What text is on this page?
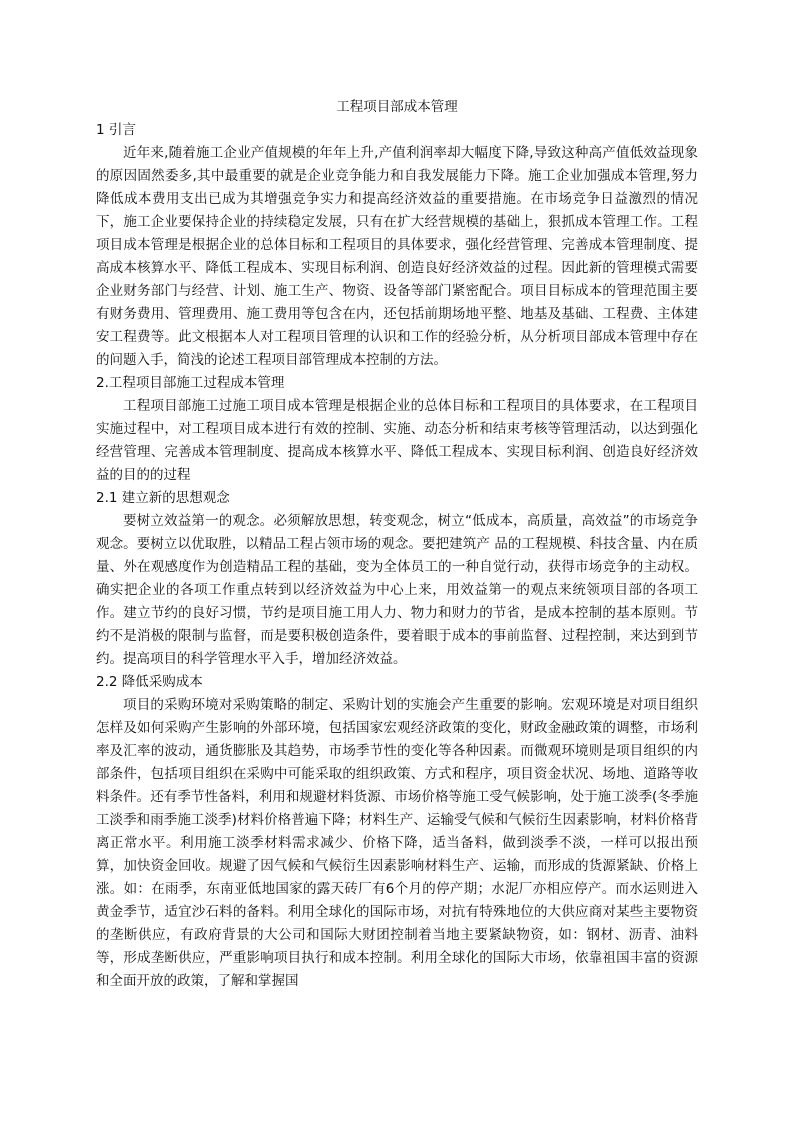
工程项目部成本管理

1 引言

近年来,随着施工企业产值规模的年年上升,产值利润率却大幅度下降,导致这种高产值低效益现象的原因固然委多,其中最重要的就是企业竞争能力和自我发展能力下降。施工企业加强成本管理,努力降低成本费用支出已成为其增强竞争实力和提高经济效益的重要措施。在市场竞争日益激烈的情况下，施工企业要保持企业的持续稳定发展，只有在扩大经营规模的基础上，狠抓成本管理工作。工程项目成本管理是根据企业的总体目标和工程项目的具体要求，强化经营管理、完善成本管理制度、提高成本核算水平、降低工程成本、实现目标利润、创造良好经济效益的过程。因此新的管理模式需要企业财务部门与经营、计划、施工生产、物资、设备等部门紧密配合。项目目标成本的管理范围主要有财务费用、管理费用、施工费用等包含在内，还包括前期场地平整、地基及基础、工程费、主体建安工程费等。此文根据本人对工程项目管理的认识和工作的经验分析，从分析项目部成本管理中存在的问题入手，简浅的论述工程项目部管理成本控制的方法。

2.工程项目部施工过程成本管理

工程项目部施工过施工项目成本管理是根据企业的总体目标和工程项目的具体要求，在工程项目实施过程中，对工程项目成本进行有效的控制、实施、动态分析和结束考核等管理活动，以达到强化经营管理、完善成本管理制度、提高成本核算水平、降低工程成本、实现目标利润、创造良好经济效益的目的的过程

2.1 建立新的思想观念

要树立效益第一的观念。必须解放思想，转变观念，树立“低成本，高质量，高效益”的市场竞争观念。要树立以优取胜，以精品工程占领市场的观念。要把建筑产 品的工程规模、科技含量、内在质量、外在观感度作为创造精品工程的基础，变为全体员工的一种自觉行动，获得市场竞争的主动权。确实把企业的各项工作重点转到以经济效益为中心上来，用效益第一的观点来统领项目部的各项工作。建立节约的良好习惯，节约是项目施工用人力、物力和财力的节省，是成本控制的基本原则。节约不是消极的限制与监督，而是要积极创造条件，要着眼于成本的事前监督、过程控制，来达到到节约。提高项目的科学管理水平入手，增加经济效益。

2.2 降低采购成本

项目的采购环境对采购策略的制定、采购计划的实施会产生重要的影响。宏观环境是对项目组织怎样及如何采购产生影响的外部环境，包括国家宏观经济政策的变化，财政金融政策的调整，市场利率及汇率的波动，通货膨胀及其趋势，市场季节性的变化等各种因素。而微观环境则是项目组织的内部条件，包括项目组织在采购中可能采取的组织政策、方式和程序，项目资金状况、场地、道路等收料条件。还有季节性备料，利用和规避材料货源、市场价格等施工受气候影响，处于施工淡季(冬季施工淡季和雨季施工淡季)材料价格普遍下降；材料生产、运输受气候和气候衍生因素影响，材料价格背离正常水平。利用施工淡季材料需求减少、价格下降，适当备料，做到淡季不淡，一样可以报出预算，加快资金回收。规避了因气候和气候衍生因素影响材料生产、运输，而形成的货源紧缺、价格上涨。如：在雨季，东南亚低地国家的露天砖厂有6个月的停产期；水泥厂亦相应停产。而水运则进入黄金季节，适宜沙石料的备料。利用全球化的国际市场，对抗有特殊地位的大供应商对某些主要物资的垄断供应，有政府背景的大公司和国际大财团控制着当地主要紧缺物资，如：钢材、沥青、油料等，形成垄断供应，严重影响项目执行和成本控制。利用全球化的国际大市场，依靠祖国丰富的资源和全面开放的政策，了解和掌握国
